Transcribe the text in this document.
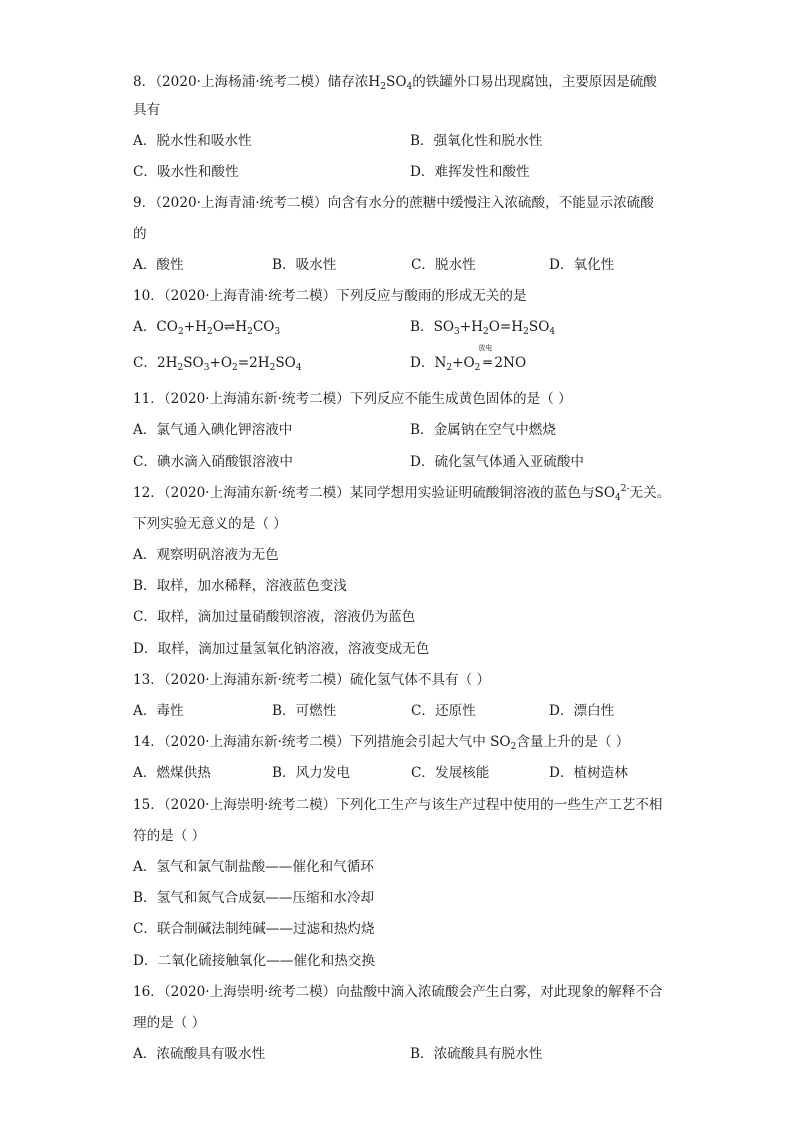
8．（2020·上海杨浦·统考二模）储存浓$H_2SO_4$的铁罐外口易出现腐蚀，主要原因是硫酸
具有
A．脱水性和吸水性	B．强氧化性和脱水性
C．吸水性和酸性	D．难挥发性和酸性
9．（2020·上海青浦·统考二模）向含有水分的蔗糖中缓慢注入浓硫酸，不能显示浓硫酸
的
A．酸性	B．吸水性	C．脱水性	D．氧化性
10．（2020·上海青浦·统考二模）下列反应与酸雨的形成无关的是
A．$CO_2+H_2O\rightleftharpoons H_2CO_3$	B．$SO_3+H_2O=H_2SO_4$
C．$2H_2SO_3+O_2=2H_2SO_4$	D．$N_2+O_2$
放电
═ 2NO
11．（2020·上海浦东新·统考二模）下列反应不能生成黄色固体的是（ ）
A．氯气通入碘化钾溶液中	B．金属钠在空气中燃烧
C．碘水滴入硝酸银溶液中	D．硫化氢气体通入亚硫酸中
12．（2020·上海浦东新·统考二模）某同学想用实验证明硫酸铜溶液的蓝色与$SO_4^{2-}$无关。
下列实验无意义的是（ ）
A．观察明矾溶液为无色
B．取样，加水稀释，溶液蓝色变浅
C．取样，滴加过量硝酸钡溶液，溶液仍为蓝色
D．取样，滴加过量氢氧化钠溶液，溶液变成无色
13．（2020·上海浦东新·统考二模）硫化氢气体不具有（ ）
A．毒性	B．可燃性	C．还原性	D．漂白性
14．（2020·上海浦东新·统考二模）下列措施会引起大气中 $SO_2$含量上升的是（ ）
A．燃煤供热	B．风力发电	C．发展核能	D．植树造林
15．（2020·上海崇明·统考二模）下列化工生产与该生产过程中使用的一些生产工艺不相
符的是（ ）
A．氢气和氯气制盐酸——催化和气循环
B．氢气和氮气合成氨——压缩和水冷却
C．联合制碱法制纯碱——过滤和热灼烧
D．二氧化硫接触氧化——催化和热交换
16．（2020·上海崇明·统考二模）向盐酸中滴入浓硫酸会产生白雾，对此现象的解释不合
理的是（ ）
A．浓硫酸具有吸水性	B．浓硫酸具有脱水性
